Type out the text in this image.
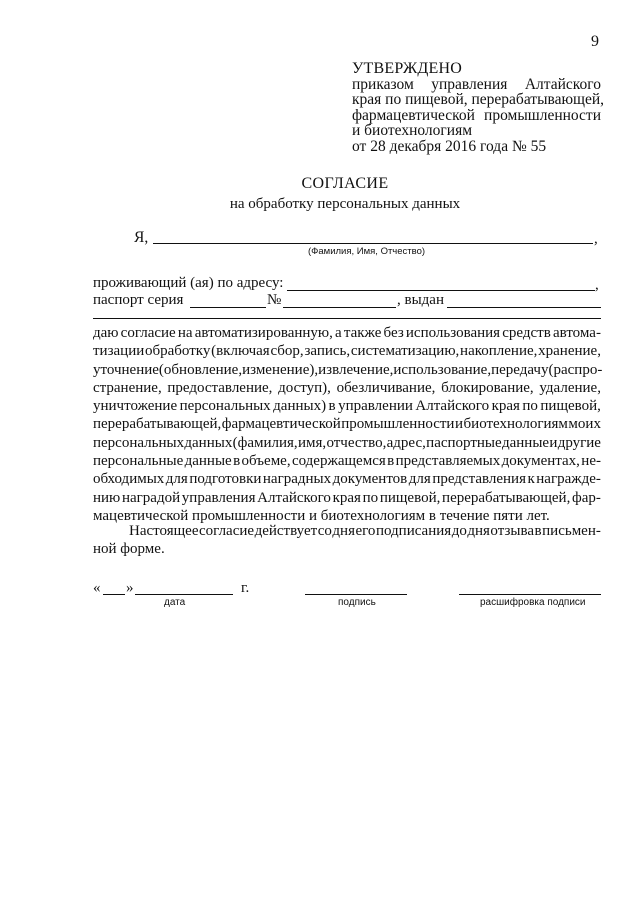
9
УТВЕРЖДЕНО
приказом управления Алтайского
края по пищевой, перерабатывающей,
фармацевтической промышленности
и биотехнологиям
от 28 декабря 2016 года № 55
СОГЛАСИЕ
на обработку персональных данных
Я,	,
(Фамилия, Имя, Отчество)
проживающий (ая) по адресу:	,
паспорт серия	№	, выдан
даю согласие на автоматизированную, а также без использования средств автома-
тизации обработку (включая сбор, запись, систематизацию, накопление, хранение,
уточнение (обновление, изменение), извлечение, использование, передачу (распро-
странение, предоставление, доступ), обезличивание, блокирование, удаление,
уничтожение персональных данных) в управлении Алтайского края по пищевой,
перерабатывающей, фармацевтической промышленности и биотехнологиям моих
персональных данных (фамилия, имя, отчество, адрес, паспортные данные и другие
персональные данные в объеме, содержащемся в представляемых документах, не-
обходимых для подготовки наградных документов для представления к награжде-
нию наградой управления Алтайского края по пищевой, перерабатывающей, фар-
мацевтической промышленности и биотехнологиям в течение пяти лет.
Настоящее согласие действует со дня его подписания до дня отзыва в письмен-
ной форме.
« »	г.
дата	подпись	расшифровка подписи
